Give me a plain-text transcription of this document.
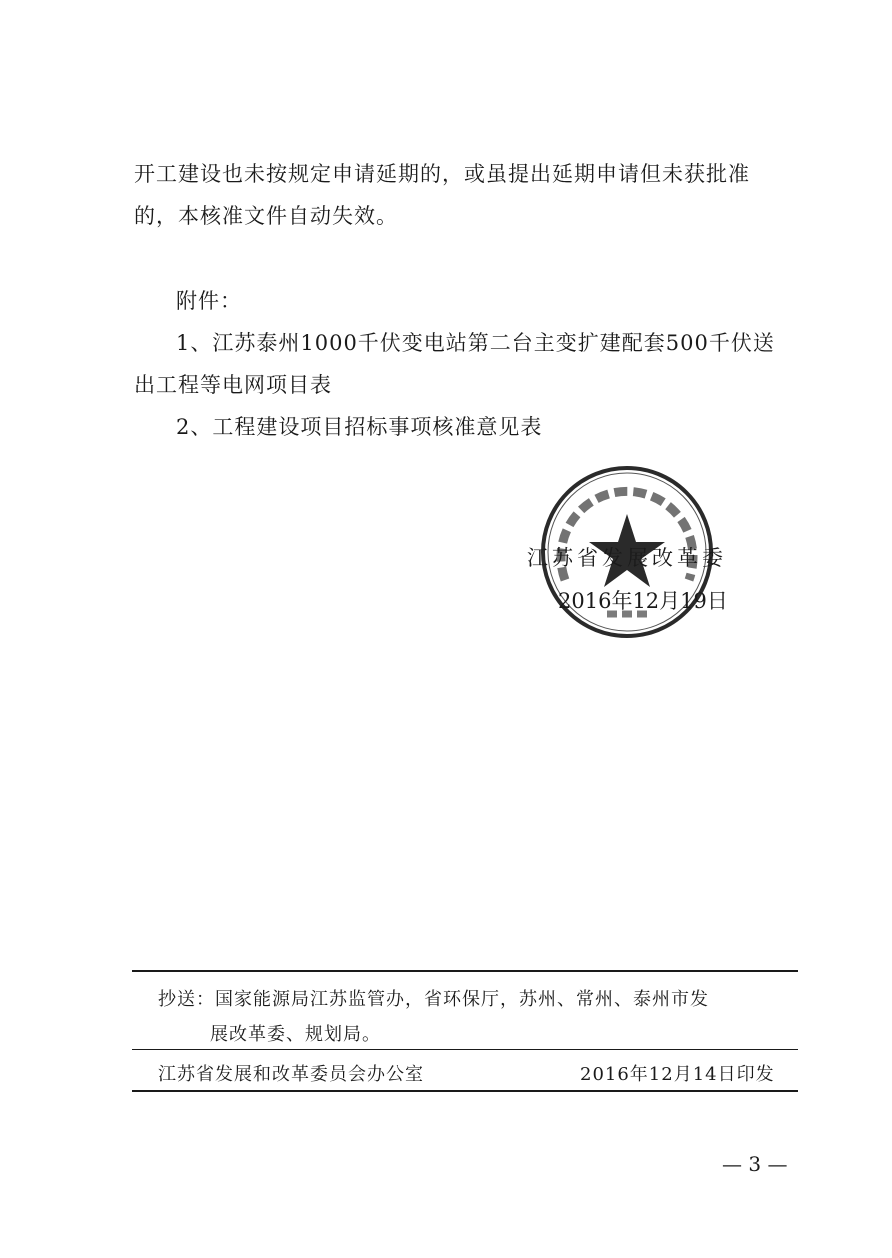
开工建设也未按规定申请延期的，或虽提出延期申请但未获批准
的，本核准文件自动失效。
附件：
1、江苏泰州1000千伏变电站第二台主变扩建配套500千伏送
出工程等电网项目表
2、工程建设项目招标事项核准意见表
江苏省发展改革委
2016年12月19日
抄送：国家能源局江苏监管办，省环保厅，苏州、常州、泰州市发
展改革委、规划局。
江苏省发展和改革委员会办公室	2016年12月14日印发
— 3 —
